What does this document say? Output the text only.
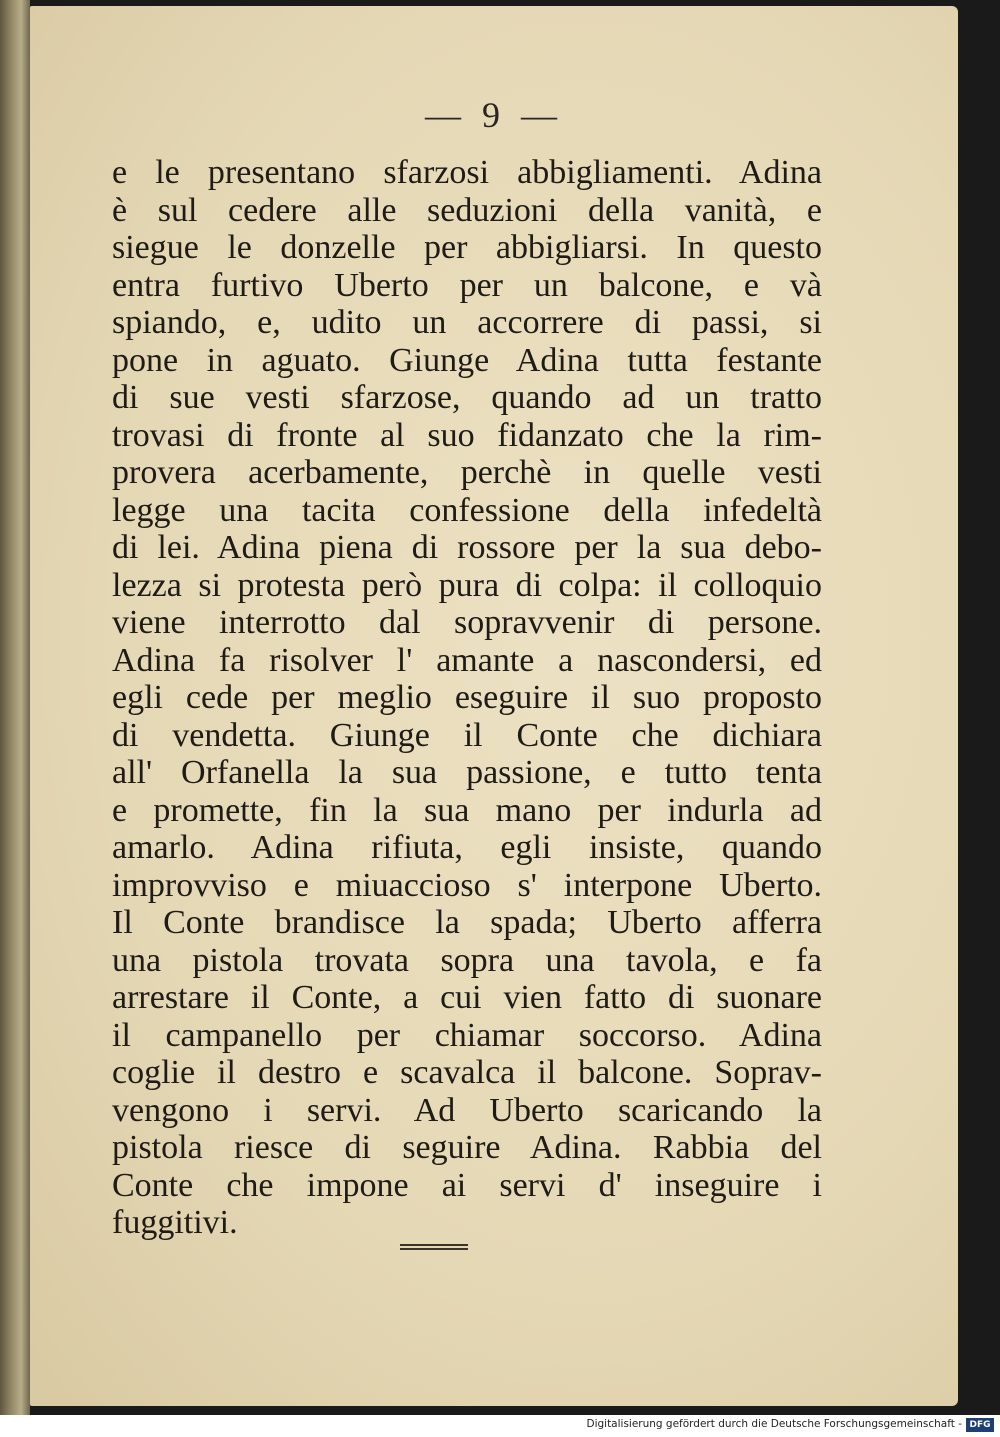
— 9 —
e le presentano sfarzosi abbigliamenti. Adina
è sul cedere alle seduzioni della vanità, e
siegue le donzelle per abbigliarsi. In questo
entra furtivo Uberto per un balcone, e và
spiando, e, udito un accorrere di passi, si
pone in aguato. Giunge Adina tutta festante
di sue vesti sfarzose, quando ad un tratto
trovasi di fronte al suo fidanzato che la rim-
provera acerbamente, perchè in quelle vesti
legge una tacita confessione della infedeltà
di lei. Adina piena di rossore per la sua debo-
lezza si protesta però pura di colpa: il colloquio
viene interrotto dal sopravvenir di persone.
Adina fa risolver l' amante a nascondersi, ed
egli cede per meglio eseguire il suo proposto
di vendetta. Giunge il Conte che dichiara
all' Orfanella la sua passione, e tutto tenta
e promette, fin la sua mano per indurla ad
amarlo. Adina rifiuta, egli insiste, quando
improvviso e miuaccioso s' interpone Uberto.
Il Conte brandisce la spada; Uberto afferra
una pistola trovata sopra una tavola, e fa
arrestare il Conte, a cui vien fatto di suonare
il campanello per chiamar soccorso. Adina
coglie il destro e scavalca il balcone. Soprav-
vengono i servi. Ad Uberto scaricando la
pistola riesce di seguire Adina. Rabbia del
Conte che impone ai servi d' inseguire i
fuggitivi.
Digitalisierung gefördert durch die Deutsche Forschungsgemeinschaft - DFG
